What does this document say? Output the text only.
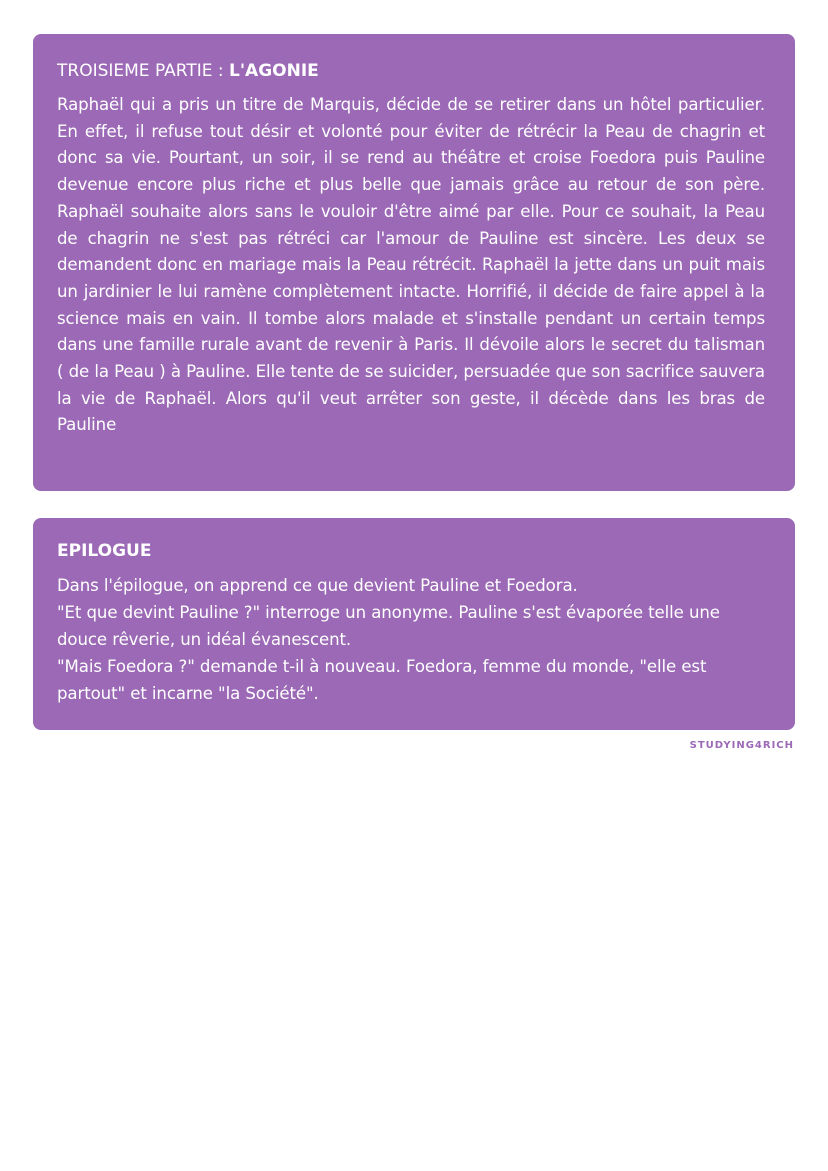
TROISIEME PARTIE : L'AGONIE

Raphaël qui a pris un titre de Marquis, décide de se retirer dans un hôtel particulier. En effet, il refuse tout désir et volonté pour éviter de rétrécir la Peau de chagrin et donc sa vie. Pourtant, un soir, il se rend au théâtre et croise Foedora puis Pauline devenue encore plus riche et plus belle que jamais grâce au retour de son père. Raphaël souhaite alors sans le vouloir d'être aimé par elle. Pour ce souhait, la Peau de chagrin ne s'est pas rétréci car l'amour de Pauline est sincère. Les deux se demandent donc en mariage mais la Peau rétrécit. Raphaël la jette dans un puit mais un jardinier le lui ramène complètement intacte. Horrifié, il décide de faire appel à la science mais en vain. Il tombe alors malade et s'installe pendant un certain temps dans une famille rurale avant de revenir à Paris. Il dévoile alors le secret du talisman ( de la Peau ) à Pauline. Elle tente de se suicider, persuadée que son sacrifice sauvera la vie de Raphaël. Alors qu'il veut arrêter son geste, il décède dans les bras de Pauline

EPILOGUE

Dans l'épilogue, on apprend ce que devient Pauline et Foedora.
"Et que devint Pauline ?" interroge un anonyme. Pauline s'est évaporée telle une douce rêverie, un idéal évanescent.
"Mais Foedora ?" demande t-il à nouveau. Foedora, femme du monde, "elle est partout" et incarne "la Société".

STUDYING4RICH
